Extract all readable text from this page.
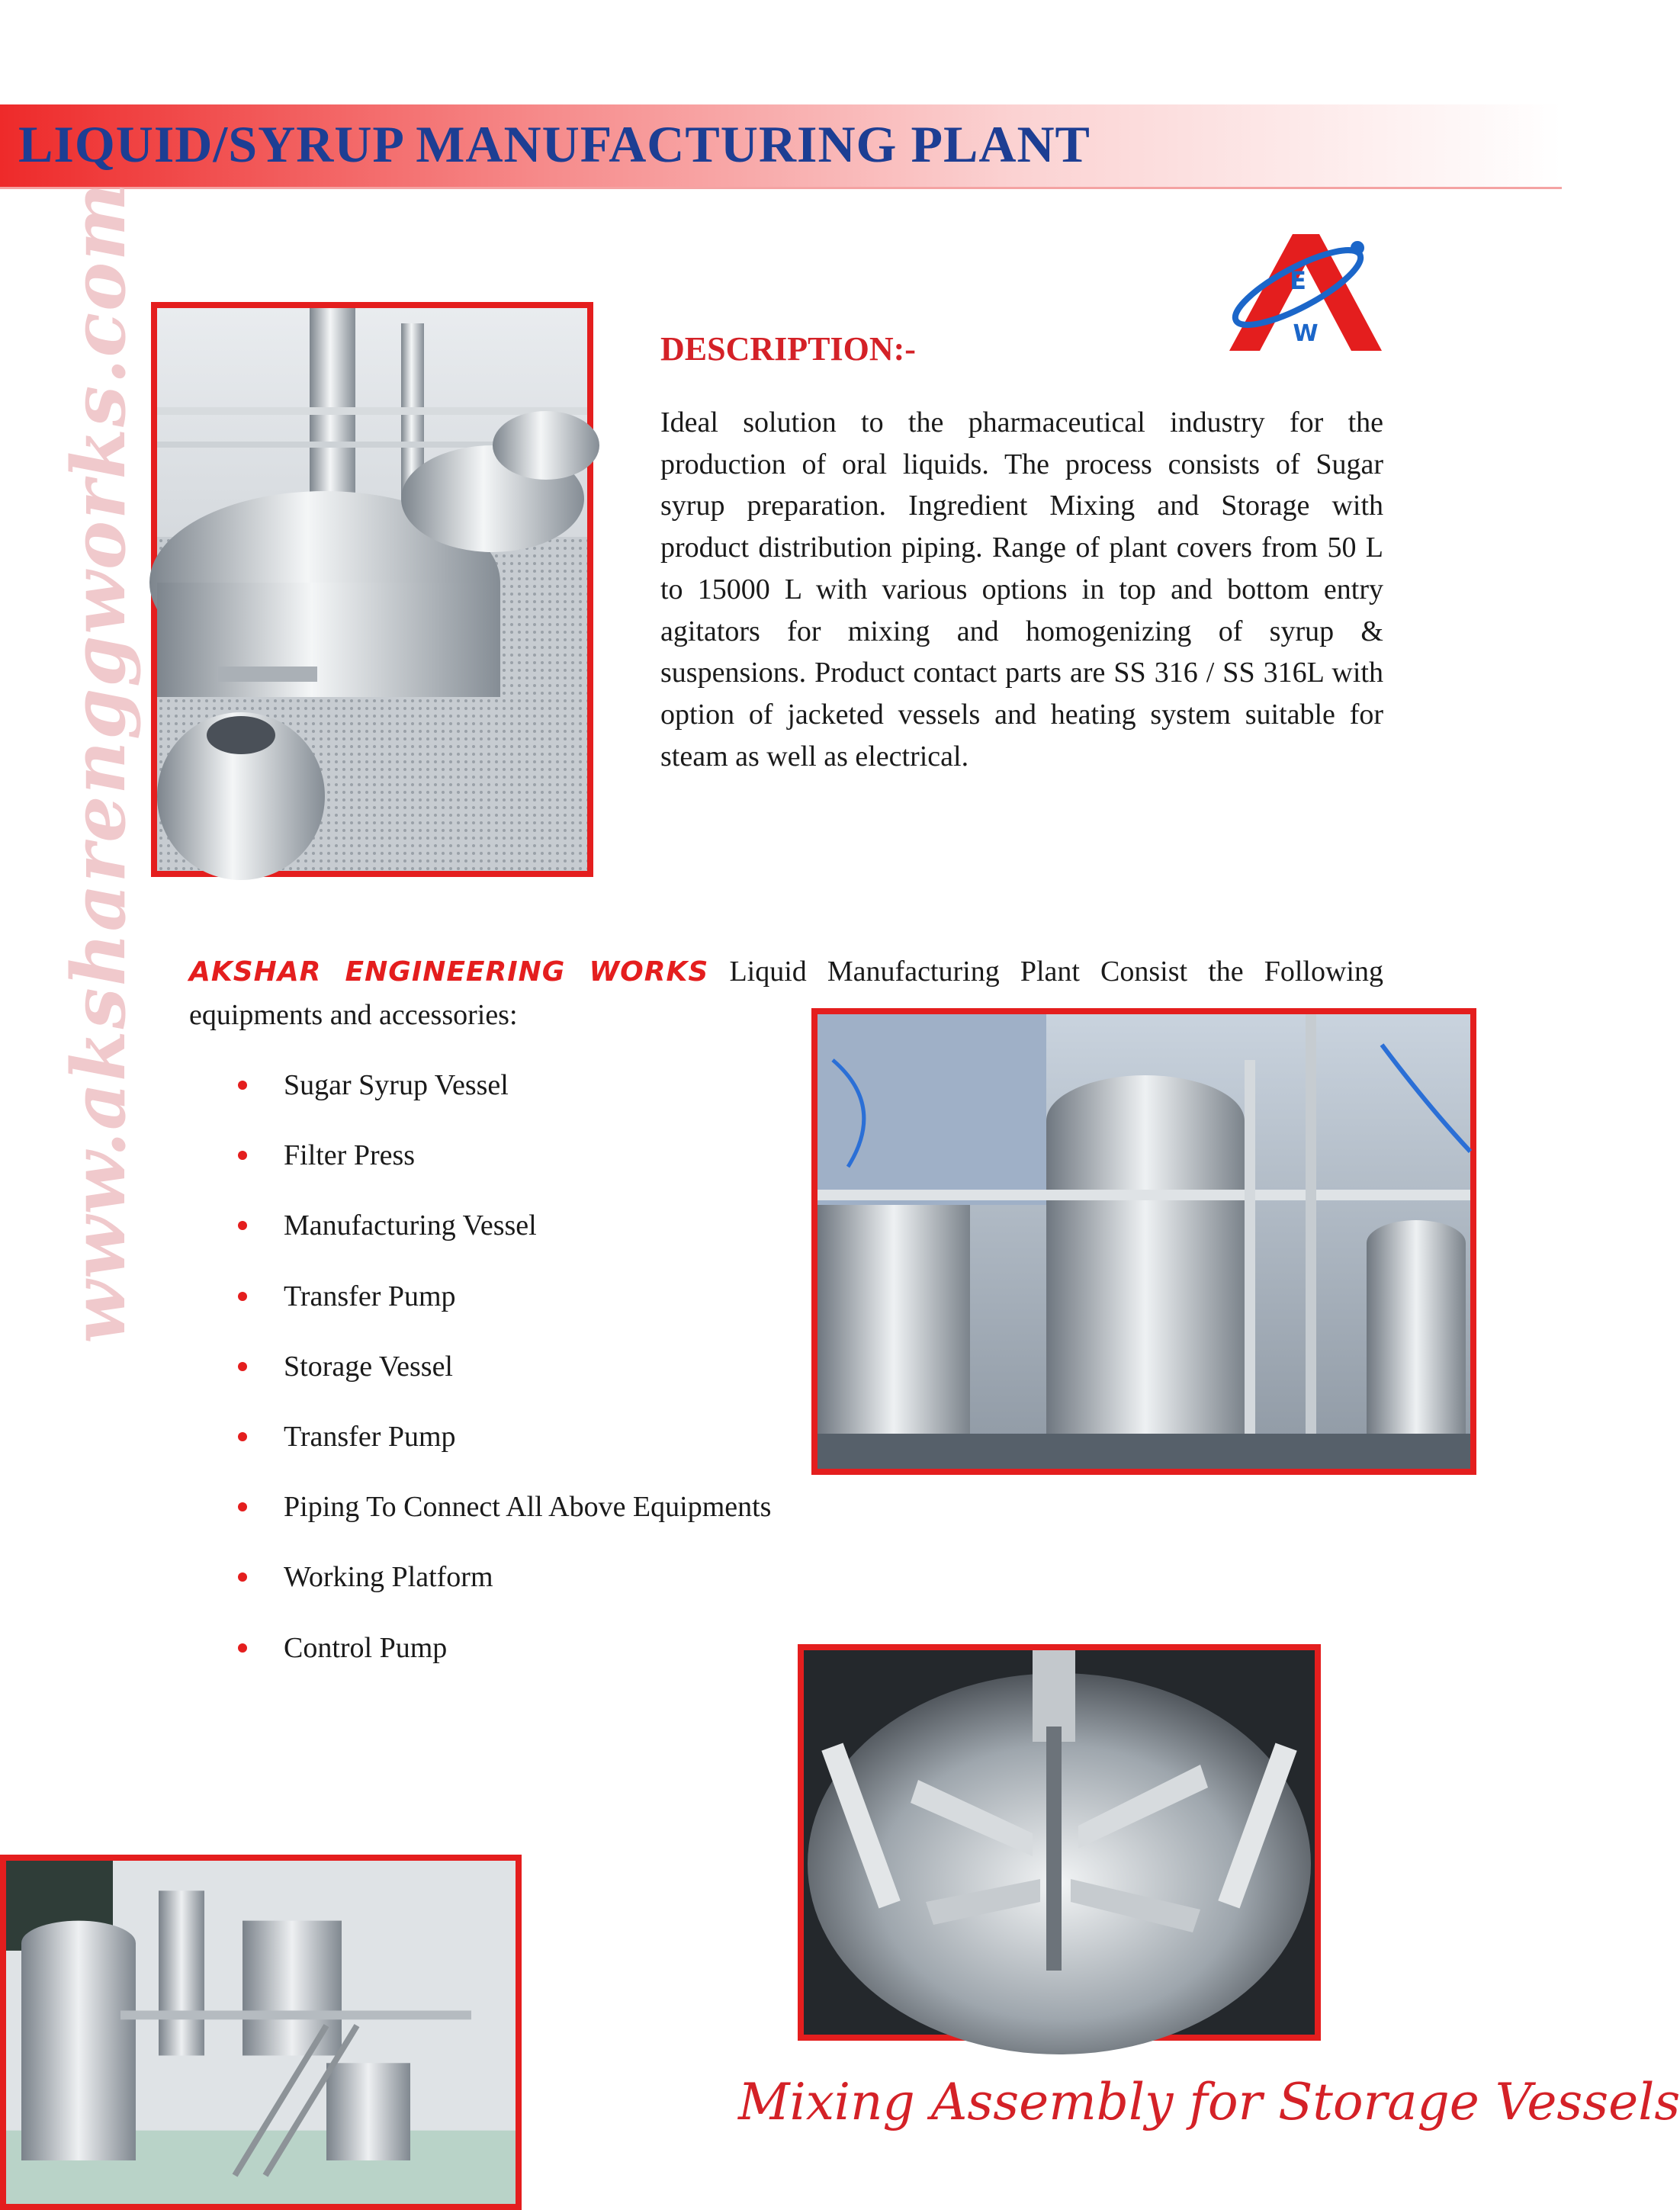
LIQUID/SYRUP MANUFACTURING PLANT
www.aksharenggworks.com	E
W
DESCRIPTION:-

Ideal solution to the pharmaceutical industry for the production of oral liquids. The process consists of Sugar syrup preparation. Ingredient Mixing and Storage with product distribution piping. Range of plant covers from 50 L to 15000 L with various options in top and bottom entry agitators for mixing and homogenizing of syrup & suspensions. Product contact parts are SS 316 / SS 316L with option of jacketed vessels and heating system suitable for steam as well as electrical.

AKSHAR ENGINEERING WORKS Liquid Manufacturing Plant Consist the Following equipments and accessories:

Sugar Syrup Vessel
Filter Press
Manufacturing Vessel
Transfer Pump
Storage Vessel
Transfer Pump
Piping To Connect All Above Equipments
Working Platform
Control Pump

Mixing Assembly for Storage Vessels
